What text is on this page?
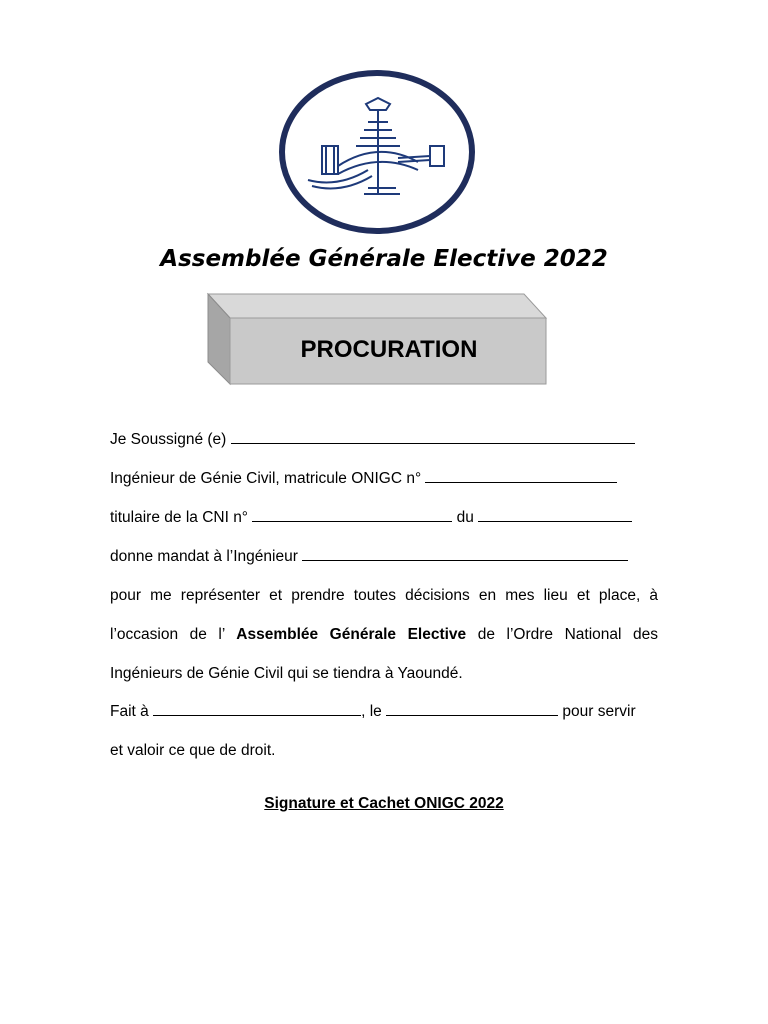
Assemblée Générale Elective 2022
PROCURATION

Je Soussigné (e)

Ingénieur de Génie Civil, matricule ONIGC n°

titulaire de la CNI n°	du

donne mandat à l’Ingénieur

pour me représenter et prendre toutes décisions en mes lieu et place, à

l’occasion de l’ Assemblée Générale Elective de l’Ordre National des

Ingénieurs de Génie Civil qui se tiendra à Yaoundé.

Fait à	, le	pour servir

et valoir ce que de droit.

Signature et Cachet ONIGC 2022
